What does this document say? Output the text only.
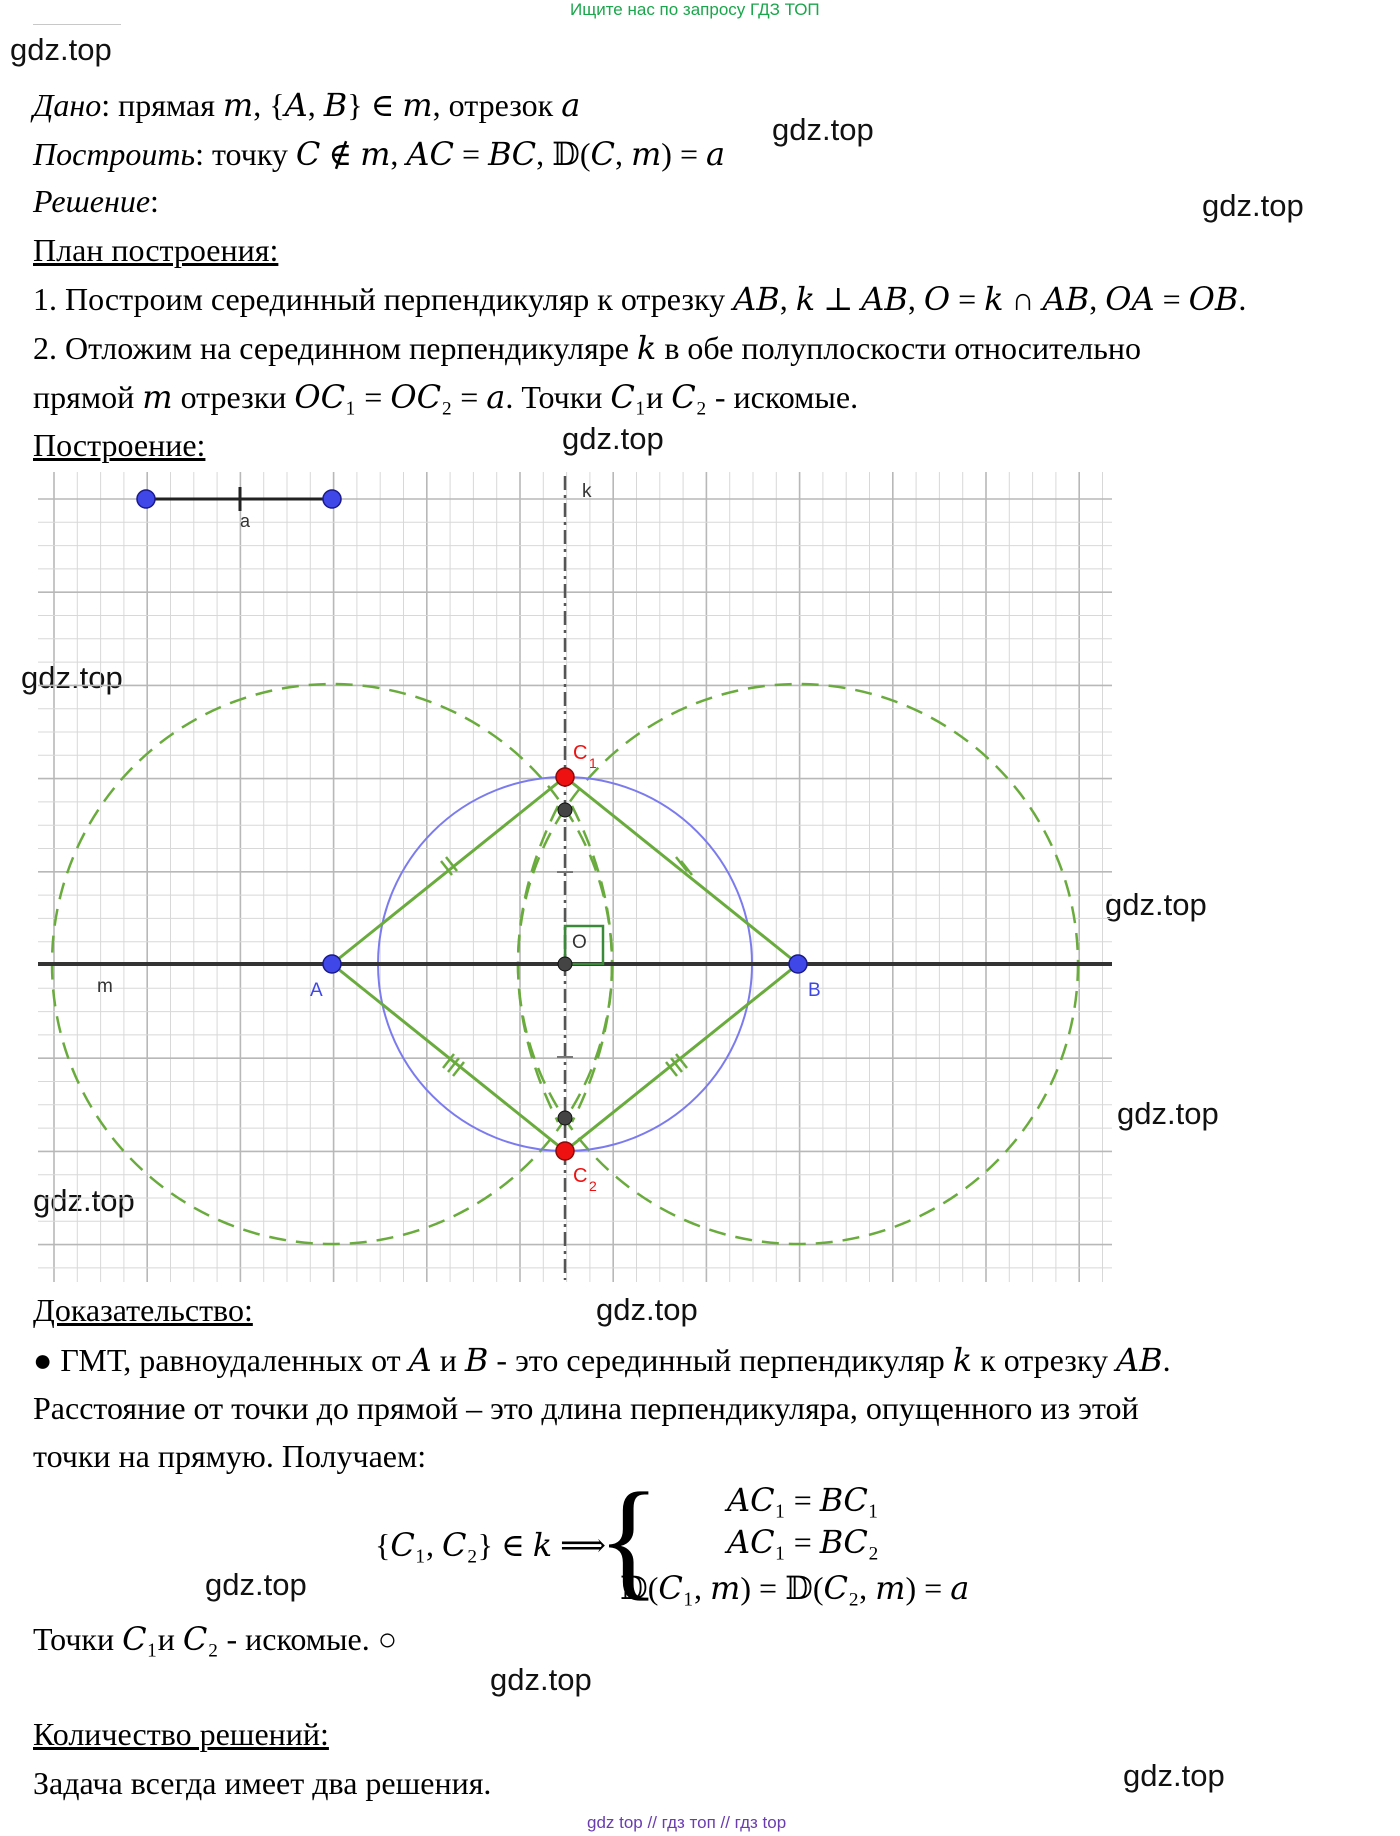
Ищите нас по запросу ГДЗ ТОП
gdz.top
gdz.top
gdz.top
gdz.top
gdz.top
gdz.top
gdz.top
gdz.top
gdz.top
gdz.top
gdz.top
gdz.top
Дано: прямая 𝑚, {𝐴, 𝐵} ∈ 𝑚, отрезок 𝑎
Построить: точку 𝐶 ∉ 𝑚, 𝐴𝐶 = 𝐵𝐶, 𝔻(𝐶, 𝑚) = 𝑎
Решение:
План построения:
1. Построим серединный перпендикуляр к отрезку 𝐴𝐵, 𝑘 ⊥ 𝐴𝐵, 𝑂 = 𝑘 ∩ 𝐴𝐵, 𝑂𝐴 = 𝑂𝐵.
2. Отложим на серединном перпендикуляре 𝑘 в обе полуплоскости относительно
прямой 𝑚 отрезки 𝑂𝐶₁ = 𝑂𝐶₂ = 𝑎. Точки 𝐶₁и 𝐶₂ - искомые.
Построение:
a
k
m
O
A	B
C 1
C 2
Доказательство:
● ГМТ, равноудаленных от 𝐴 и 𝐵 - это серединный перпендикуляр 𝑘 к отрезку 𝐴𝐵.
Расстояние от точки до прямой – это длина перпендикуляра, опущенного из этой
точки на прямую. Получаем:
{𝐶₁, 𝐶₂} ∈ 𝑘 ⟹
{ 𝐴𝐶₁ = 𝐵𝐶₁
𝐴𝐶₁ = 𝐵𝐶₂
𝔻(𝐶₁, 𝑚) = 𝔻(𝐶₂, 𝑚) = 𝑎
Точки 𝐶₁и 𝐶₂ - искомые. ○
Количество решений:
Задача всегда имеет два решения.
gdz top // гдз топ // гдз top
